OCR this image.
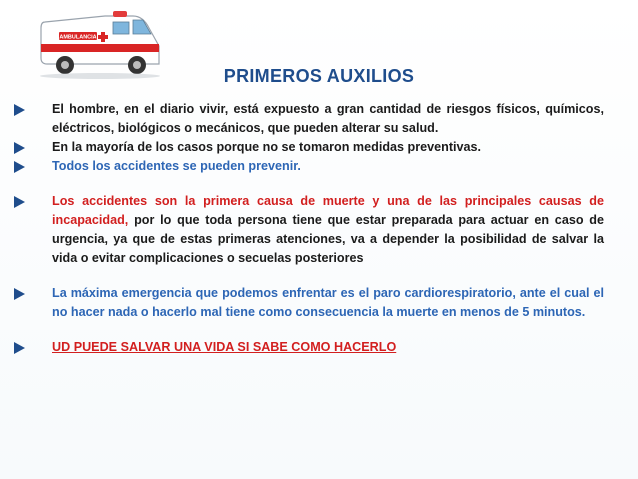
AMBULANCIA
PRIMEROS AUXILIOS
El hombre, en el diario vivir, está expuesto a gran cantidad de riesgos físicos, químicos, eléctricos, biológicos o mecánicos, que pueden alterar su salud.
En la mayoría de los casos porque no se tomaron medidas preventivas.
Todos los accidentes se pueden prevenir.
Los accidentes son la primera causa de muerte y una de las principales causas de incapacidad, por lo que toda persona tiene que estar preparada para actuar en caso de urgencia, ya que de estas primeras atenciones, va a depender la posibilidad de salvar la vida o evitar complicaciones o secuelas posteriores
La máxima emergencia que podemos enfrentar es el paro cardiorespiratorio, ante el cual el no hacer nada o hacerlo mal tiene como consecuencia la muerte en menos de 5 minutos.
UD PUEDE SALVAR UNA VIDA SI SABE COMO HACERLO
